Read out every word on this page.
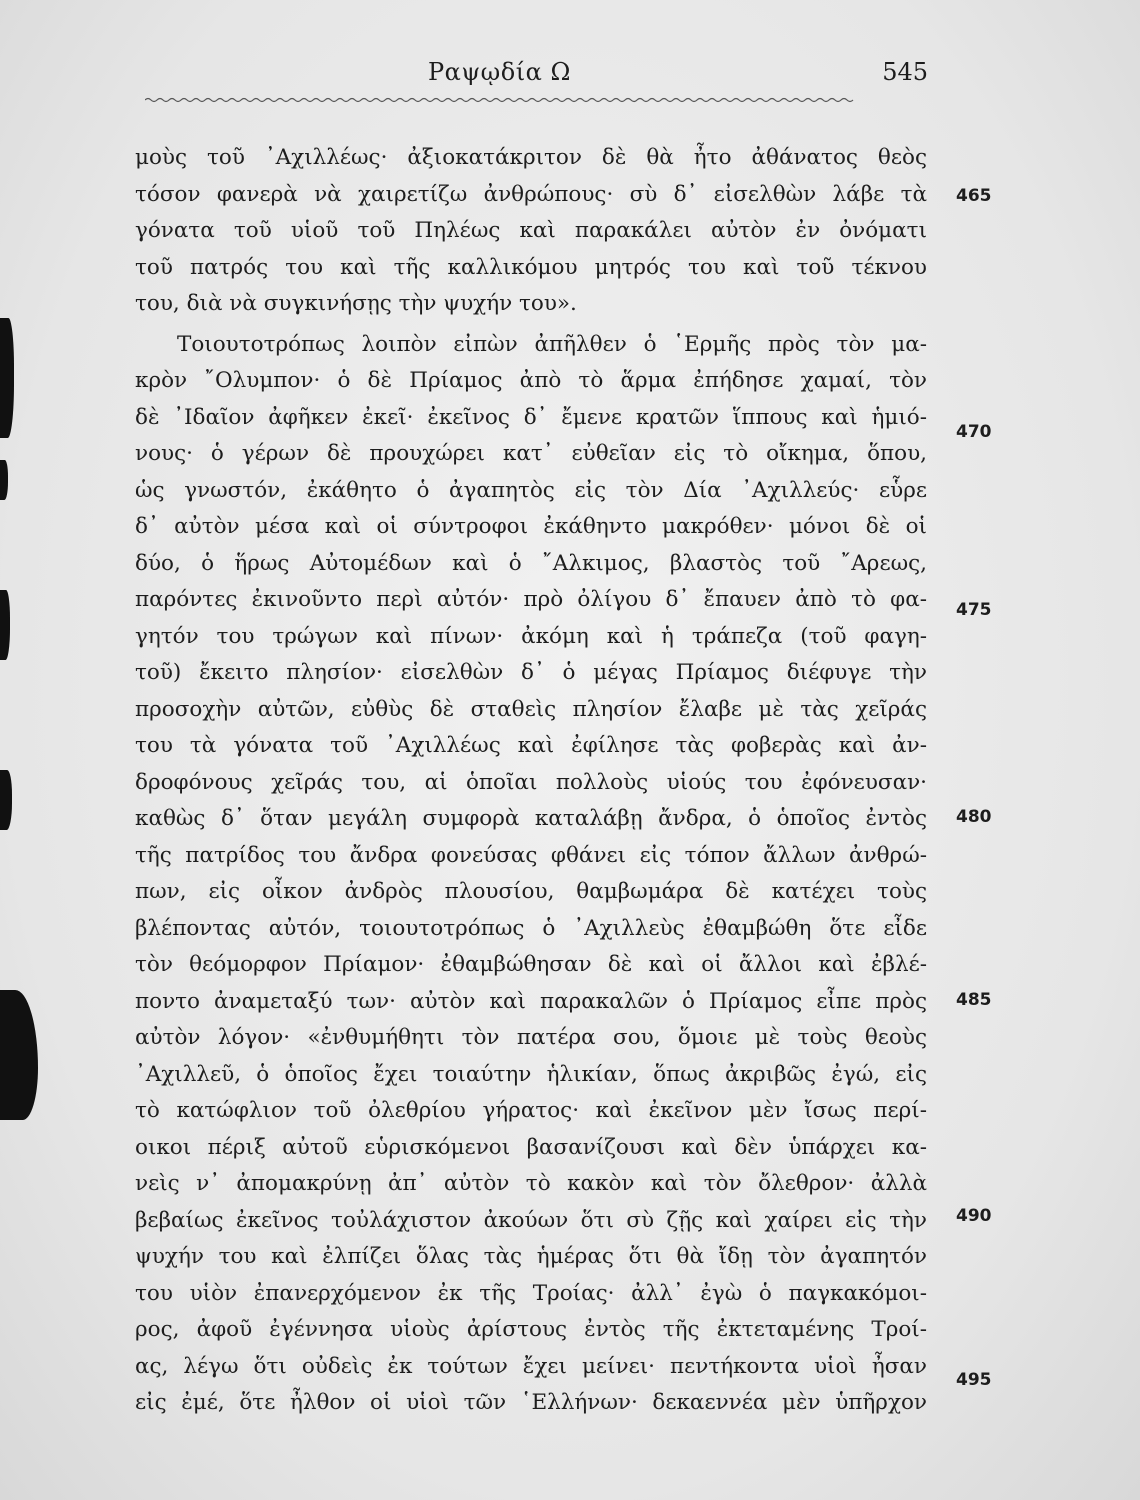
Ραψῳδία Ω	545
μοὺς τοῦ ᾿Αχιλλέως· ἀξιοκατάκριτον δὲ θὰ ἦτο ἀθάνατος θεὸς
τόσον φανερὰ νὰ χαιρετίζω ἀνθρώπους· σὺ δ᾿ εἰσελθὼν λάβε τὰ
γόνατα τοῦ υἱοῦ τοῦ Πηλέως καὶ παρακάλει αὐτὸν ἐν ὀνόματι
τοῦ πατρός του καὶ τῆς καλλικόμου μητρός του καὶ τοῦ τέκνου
του, διὰ νὰ συγκινήσῃς τὴν ψυχήν του».
Τοιουτοτρόπως λοιπὸν εἰπὼν ἀπῆλθεν ὁ ῾Ερμῆς πρὸς τὸν μα-
κρὸν ῎Ολυμπον· ὁ δὲ Πρίαμος ἀπὸ τὸ ἅρμα ἐπήδησε χαμαί, τὸν
δὲ ᾿Ιδαῖον ἀφῆκεν ἐκεῖ· ἐκεῖνος δ᾿ ἔμενε κρατῶν ἵππους καὶ ἡμιό-
νους· ὁ γέρων δὲ προυχώρει κατ᾿ εὐθεῖαν εἰς τὸ οἴκημα, ὅπου,
ὡς γνωστόν, ἐκάθητο ὁ ἀγαπητὸς εἰς τὸν Δία ᾿Αχιλλεύς· εὗρε
δ᾿ αὐτὸν μέσα καὶ οἱ σύντροφοι ἐκάθηντο μακρόθεν· μόνοι δὲ οἱ
δύο, ὁ ἥρως Αὐτομέδων καὶ ὁ ῎Αλκιμος, βλαστὸς τοῦ ῎Αρεως,
παρόντες ἐκινοῦντο περὶ αὐτόν· πρὸ ὀλίγου δ᾿ ἔπαυεν ἀπὸ τὸ φα-
γητόν του τρώγων καὶ πίνων· ἀκόμη καὶ ἡ τράπεζα (τοῦ φαγη-
τοῦ) ἔκειτο πλησίον· εἰσελθὼν δ᾿ ὁ μέγας Πρίαμος διέφυγε τὴν
προσοχὴν αὐτῶν, εὐθὺς δὲ σταθεὶς πλησίον ἔλαβε μὲ τὰς χεῖράς
του τὰ γόνατα τοῦ ᾿Αχιλλέως καὶ ἐφίλησε τὰς φοβερὰς καὶ ἀν-
δροφόνους χεῖράς του, αἱ ὁποῖαι πολλοὺς υἱούς του ἐφόνευσαν·
καθὼς δ᾿ ὅταν μεγάλη συμφορὰ καταλάβῃ ἄνδρα, ὁ ὁποῖος ἐντὸς
τῆς πατρίδος του ἄνδρα φονεύσας φθάνει εἰς τόπον ἄλλων ἀνθρώ-
πων, εἰς οἶκον ἀνδρὸς πλουσίου, θαμβωμάρα δὲ κατέχει τοὺς
βλέποντας αὐτόν, τοιουτοτρόπως ὁ ᾿Αχιλλεὺς ἐθαμβώθη ὅτε εἶδε
τὸν θεόμορφον Πρίαμον· ἐθαμβώθησαν δὲ καὶ οἱ ἄλλοι καὶ ἐβλέ-
ποντο ἀναμεταξύ των· αὐτὸν καὶ παρακαλῶν ὁ Πρίαμος εἶπε πρὸς
αὐτὸν λόγον· «ἐνθυμήθητι τὸν πατέρα σου, ὅμοιε μὲ τοὺς θεοὺς
᾿Αχιλλεῦ, ὁ ὁποῖος ἔχει τοιαύτην ἡλικίαν, ὅπως ἀκριβῶς ἐγώ, εἰς
τὸ κατώφλιον τοῦ ὀλεθρίου γήρατος· καὶ ἐκεῖνον μὲν ἴσως περί-
οικοι πέριξ αὐτοῦ εὑρισκόμενοι βασανίζουσι καὶ δὲν ὑπάρχει κα-
νεὶς ν᾿ ἀπομακρύνῃ ἀπ᾿ αὐτὸν τὸ κακὸν καὶ τὸν ὄλεθρον· ἀλλὰ
βεβαίως ἐκεῖνος τοὐλάχιστον ἀκούων ὅτι σὺ ζῇς καὶ χαίρει εἰς τὴν
ψυχήν του καὶ ἐλπίζει ὅλας τὰς ἡμέρας ὅτι θὰ ἴδῃ τὸν ἀγαπητόν
του υἱὸν ἐπανερχόμενον ἐκ τῆς Τροίας· ἀλλ᾿ ἐγὼ ὁ παγκακόμοι-
ρος, ἀφοῦ ἐγέννησα υἱοὺς ἀρίστους ἐντὸς τῆς ἐκτεταμένης Τροί-
ας, λέγω ὅτι οὐδεὶς ἐκ τούτων ἔχει μείνει· πεντήκοντα υἱοὶ ἦσαν
εἰς ἐμέ, ὅτε ἦλθον οἱ υἱοὶ τῶν ῾Ελλήνων· δεκαεννέα μὲν ὑπῆρχον
465
470
475
480
485
490
495
